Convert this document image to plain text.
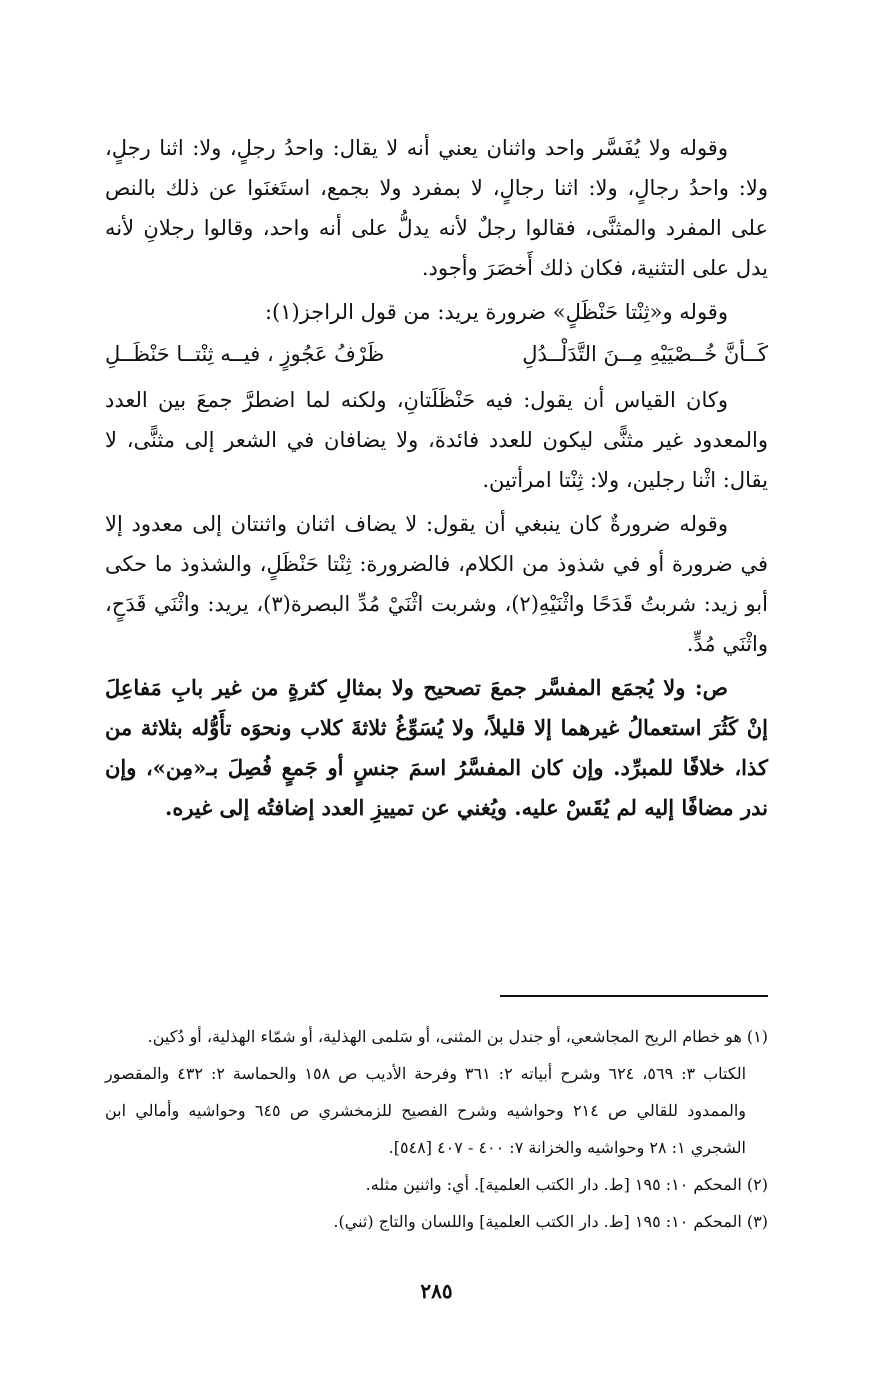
وقوله ولا يُفَسَّر واحد واثنان يعني أنه لا يقال: واحدُ رجلٍ، ولا: اثنا رجلٍ، ولا: واحدُ رجالٍ، ولا: اثنا رجالٍ، لا بمفرد ولا بجمع، استَغنَوا عن ذلك بالنص على المفرد والمثنَّى، فقالوا رجلٌ لأنه يدلُّ على أنه واحد، وقالوا رجلانِ لأنه يدل على التثنية، فكان ذلك أَخصَرَ وأجود.

وقوله و«ثِنْتا حَنْظَلٍ» ضرورة يريد: من قول الراجز(١):

كَــأنَّ خُــصْيَيْهِ مِــنَ التَّدَلْــدُلِ
ظَرْفُ عَجُوزٍ ، فيــه ثِنْتــا حَنْظَــلِ

وكان القياس أن يقول: فيه حَنْظَلَتانِ، ولكنه لما اضطرَّ جمعَ بين العدد والمعدود غير مثنًّى ليكون للعدد فائدة، ولا يضافان في الشعر إلى مثنًّى، لا يقال: اثْنا رجلين، ولا: ثِنْتا امرأتين.

وقوله ضرورةٌ كان ينبغي أن يقول: لا يضاف اثنان واثنتان إلى معدود إلا في ضرورة أو في شذوذ من الكلام، فالضرورة: ثِنْتا حَنْظَلٍ، والشذوذ ما حكى أبو زيد: شربتُ قَدَحًا واثْنَيْهِ(٢)، وشربت اثْنَيْ مُدِّ البصرة(٣)، يريد: واثْنَي قَدَحٍ، واثْنَي مُدٍّ.

ص: ولا يُجمَع المفسَّر جمعَ تصحيح ولا بمثالِ كثرةٍ من غير بابِ مَفاعِلَ إنْ كَثُرَ استعمالُ غيرهما إلا قليلاً، ولا يُسَوِّغُ ثلاثةَ كلاب ونحوَه تأَوُّله بثلاثة من كذا، خلافًا للمبرِّد. وإن كان المفسَّرُ اسمَ جنسٍ أو جَمعٍ فُصِلَ بـ«مِن»، وإن ندر مضافًا إليه لم يُقَسْ عليه. ويُغني عن تمييزِ العدد إضافتُه إلى غيره.

(١) هو خطام الريح المجاشعي، أو جندل بن المثنى، أو سَلمى الهذلية، أو شمّاء الهذلية، أو دُكين.

الكتاب ٣: ٥٦٩، ٦٢٤ وشرح أبياته ٢: ٣٦١ وفرحة الأديب ص ١٥٨ والحماسة ٢: ٤٣٢ والمقصور والممدود للقالي ص ٢١٤ وحواشيه وشرح الفصيح للزمخشري ص ٦٤٥ وحواشيه وأمالي ابن الشجري ١: ٢٨ وحواشيه والخزانة ٧: ٤٠٠ - ٤٠٧ [٥٤٨].

(٢) المحكم ١٠: ١٩٥ [ط. دار الكتب العلمية]. أي: واثنين مثله.

(٣) المحكم ١٠: ١٩٥ [ط. دار الكتب العلمية] واللسان والتاج (ثني).

٢٨٥
